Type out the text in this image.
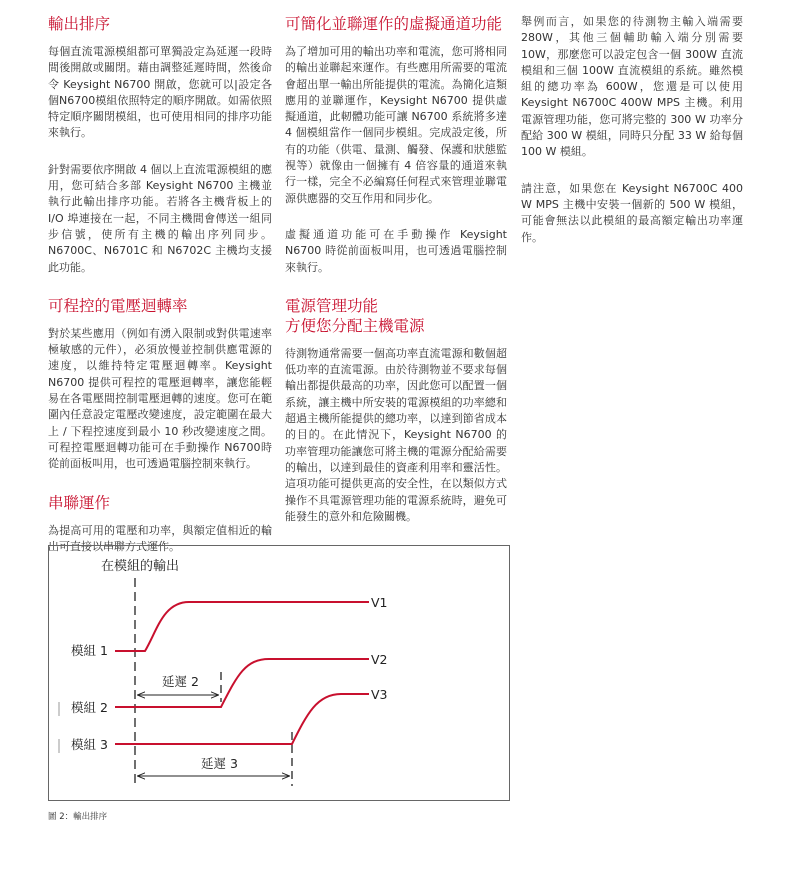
輸出排序

每個直流電源模組都可單獨設定為延遲一段時間後開啟或關閉。藉由調整延遲時間，然後命令 Keysight N6700 開啟，您就可以|設定各個N6700模組依照特定的順序開啟。如需依照特定順序關閉模組，也可使用相同的排序功能來執行。

針對需要依序開啟 4 個以上直流電源模組的應用，您可結合多部 Keysight N6700 主機並執行此輸出排序功能。若將各主機背板上的 I/O 埠連接在一起，不同主機間會傳送一組同步信號，使所有主機的輸出序列同步。N6700C、N6701C 和 N6702C 主機均支援此功能。

可程控的電壓迴轉率

對於某些應用（例如有湧入限制或對供電速率極敏感的元件），必須放慢並控制供應電源的速度，以維持特定電壓迴轉率。Keysight N6700 提供可程控的電壓迴轉率，讓您能輕易在各電壓間控制電壓迴轉的速度。您可在範圍內任意設定電壓改變速度，設定範圍在最大上 / 下程控速度到最小 10 秒改變速度之間。可程控電壓迴轉功能可在手動操作 N6700時從前面板叫用，也可透過電腦控制來執行。

串聯運作

為提高可用的電壓和功率，與額定值相近的輸出可直接以串聯方式運作。

可簡化並聯運作的虛擬通道功能

為了增加可用的輸出功率和電流，您可將相同的輸出並聯起來運作。有些應用所需要的電流會超出單一輸出所能提供的電流。為簡化這類應用的並聯運作，Keysight N6700 提供虛擬通道，此軔體功能可讓 N6700 系統將多達 4 個模組當作一個同步模組。完成設定後，所有的功能（供電、量測、觸發、保護和狀態監視等）就像由一個擁有 4 倍容量的通道來執行一樣，完全不必編寫任何程式來管理並聯電源供應器的交互作用和同步化。

虛擬通道功能可在手動操作 Keysight N6700 時從前面板叫用，也可透過電腦控制來執行。

電源管理功能
方便您分配主機電源

待測物通常需要一個高功率直流電源和數個超低功率的直流電源。由於待測物並不要求每個輸出都提供最高的功率，因此您可以配置一個系統，讓主機中所安裝的電源模組的功率總和超過主機所能提供的總功率，以達到節省成本的目的。在此情況下，Keysight N6700 的功率管理功能讓您可將主機的電源分配給需要的輸出，以達到最佳的資產利用率和靈活性。這項功能可提供更高的安全性，在以類似方式操作不具電源管理功能的電源系統時，避免可能發生的意外和危險關機。

舉例而言，如果您的待測物主輸入端需要 280W，其他三個輔助輸入端分別需要 10W，那麼您可以設定包含一個 300W 直流模組和三個 100W 直流模組的系統。雖然模組的總功率為 600W，您還是可以使用 Keysight N6700C 400W MPS 主機。利用電源管理功能，您可將完整的 300 W 功率分配給 300 W 模組，同時只分配 33 W 給每個 100 W 模組。

請注意，如果您在 Keysight N6700C 400 W MPS 主機中安裝一個新的 500 W 模組，可能會無法以此模組的最高額定輸出功率運作。

在模組的輸出
模組 1
模組 2
模組 3
V1
V2
V3
延遲 2
延遲 3
圖 2：輸出排序
